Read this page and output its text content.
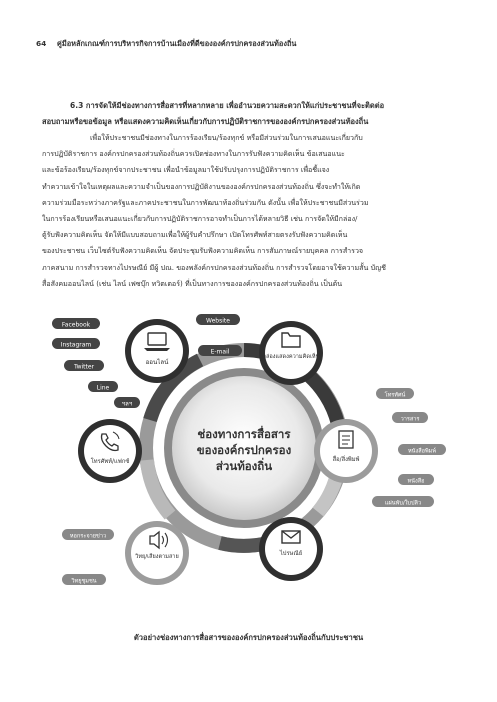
64 คู่มือหลักเกณฑ์การบริหารกิจการบ้านเมืองที่ดีขององค์กรปกครองส่วนท้องถิ่น
6.3 การจัดให้มีช่องทางการสื่อสารที่หลากหลาย เพื่ออำนวยความสะดวกให้แก่ประชาชนที่จะติดต่อ
สอบถามหรือขอข้อมูล หรือแสดงความคิดเห็นเกี่ยวกับการปฏิบัติราชการขององค์กรปกครองส่วนท้องถิ่น
เพื่อให้ประชาชนมีช่องทางในการร้องเรียน/ร้องทุกข์ หรือมีส่วนร่วมในการเสนอแนะเกี่ยวกับ
การปฏิบัติราชการ องค์กรปกครองส่วนท้องถิ่นควรเปิดช่องทางในการรับฟังความคิดเห็น ข้อเสนอแนะ
และข้อร้องเรียน/ร้องทุกข์จากประชาชน เพื่อนำข้อมูลมาใช้ปรับปรุงการปฏิบัติราชการ เพื่อชี้แจง
ทำความเข้าใจในเหตุผลและความจำเป็นของการปฏิบัติงานขององค์กรปกครองส่วนท้องถิ่น ซึ่งจะทำให้เกิด
ความร่วมมือระหว่างภาครัฐและภาคประชาชนในการพัฒนาท้องถิ่นร่วมกัน ดังนั้น เพื่อให้ประชาชนมีส่วนร่วม
ในการร้องเรียนหรือเสนอแนะเกี่ยวกับการปฏิบัติราชการอาจทำเป็นการได้หลายวิธี เช่น การจัดให้มีกล่อง/
ตู้รับฟังความคิดเห็น จัดให้มีแบบสอบถามเพื่อให้ผู้รับคำปรึกษา เปิดโทรศัพท์สายตรงรับฟังความคิดเห็น
ของประชาชน เว็บไซต์รับฟังความคิดเห็น จัดประชุมรับฟังความคิดเห็น การสัมภาษณ์รายบุคคล การสำรวจ
ภาคสนาม การสำรวจทางไปรษณีย์ มีผู้ ปณ. ของพลังค์กรปกครองส่วนท้องถิ่น การสำรวจโดยอาจใช้ความสั้น บัญชี
สื่อสังคมออนไลน์ (เช่น ไลน์ เฟซบุ๊ก ทวิตเตอร์) ที่เป็นทางการขององค์กรปกครองส่วนท้องถิ่น เป็นต้น
ช่องทางการสื่อสาร
ขององค์กรปกครอง
ส่วนท้องถิ่น
Facebook
Website
Instagram
E-mail
Twitter
Line
ฯลฯ
ออนไลน์
กล่องแสดงความคิดเห็น
โทรทัศน์
วารสาร
หนังสือพิมพ์
หนังสือ
แผ่นพับ/ใบปลิว
สื่อ/สิ่งพิมพ์
ไปรษณีย์
หอกระจายข่าว
วิทยุชุมชน
วิทยุ/เสียงตามสาย
โทรศัพท์/แฟกซ์
ตัวอย่างช่องทางการสื่อสารขององค์กรปกครองส่วนท้องถิ่นกับประชาชน
